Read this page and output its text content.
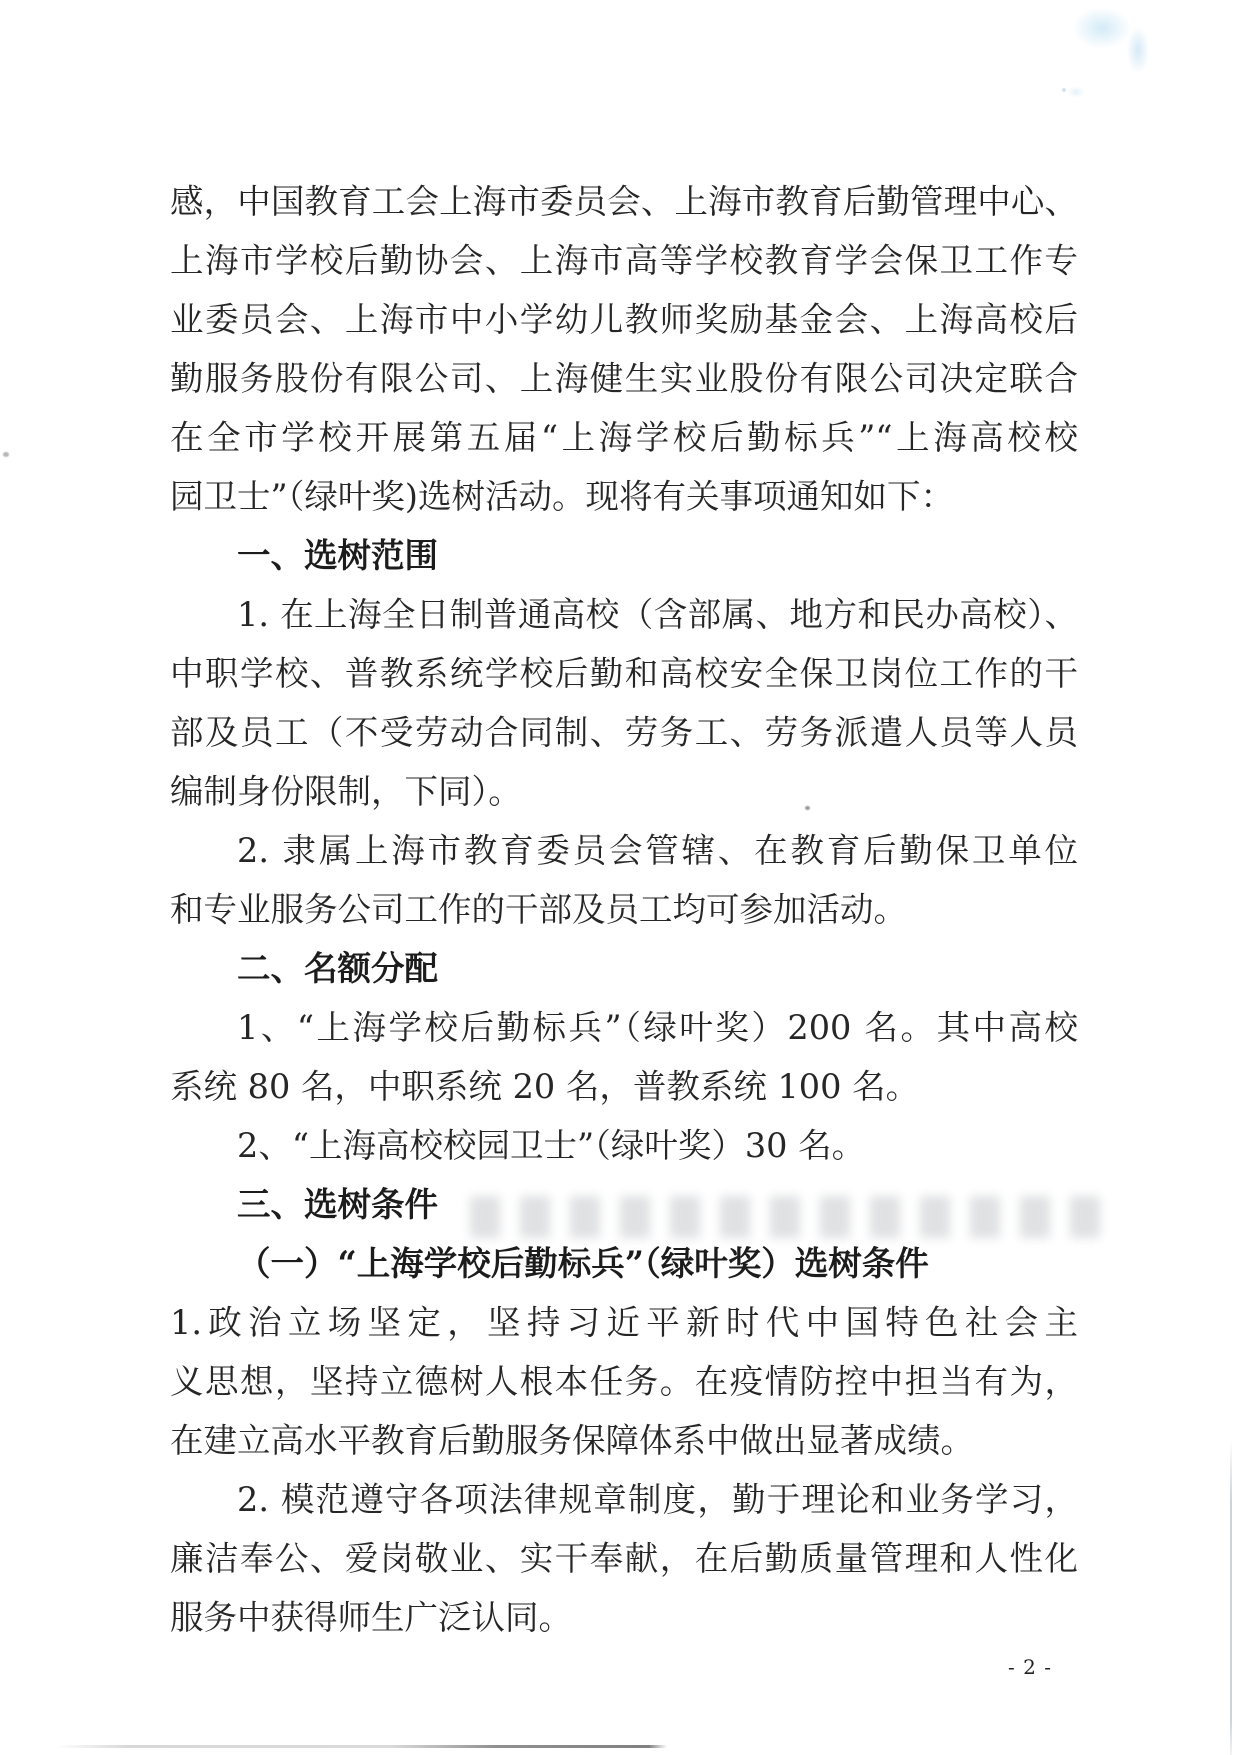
感，中国教育工会上海市委员会、上海市教育后勤管理中心、
上海市学校后勤协会、上海市高等学校教育学会保卫工作专
业委员会、上海市中小学幼儿教师奖励基金会、上海高校后
勤服务股份有限公司、上海健生实业股份有限公司决定联合
在全市学校开展第五届“上海学校后勤标兵”“上海高校校
园卫士”（绿叶奖)选树活动。现将有关事项通知如下：
一、选树范围
1. 在上海全日制普通高校（含部属、地方和民办高校）、
中职学校、普教系统学校后勤和高校安全保卫岗位工作的干
部及员工（不受劳动合同制、劳务工、劳务派遣人员等人员
编制身份限制，下同）。
2. 隶属上海市教育委员会管辖、在教育后勤保卫单位
和专业服务公司工作的干部及员工均可参加活动。
二、名额分配
1、“上海学校后勤标兵”（绿叶奖）200 名。其中高校
系统 80 名，中职系统 20 名，普教系统 100 名。
2、“上海高校校园卫士”（绿叶奖）30 名。
三、选树条件
（一）“上海学校后勤标兵”（绿叶奖）选树条件
1.政治立场坚定，坚持习近平新时代中国特色社会主
义思想，坚持立德树人根本任务。在疫情防控中担当有为，
在建立高水平教育后勤服务保障体系中做出显著成绩。
2. 模范遵守各项法律规章制度，勤于理论和业务学习，
廉洁奉公、爱岗敬业、实干奉献，在后勤质量管理和人性化
服务中获得师生广泛认同。
- 2 -
